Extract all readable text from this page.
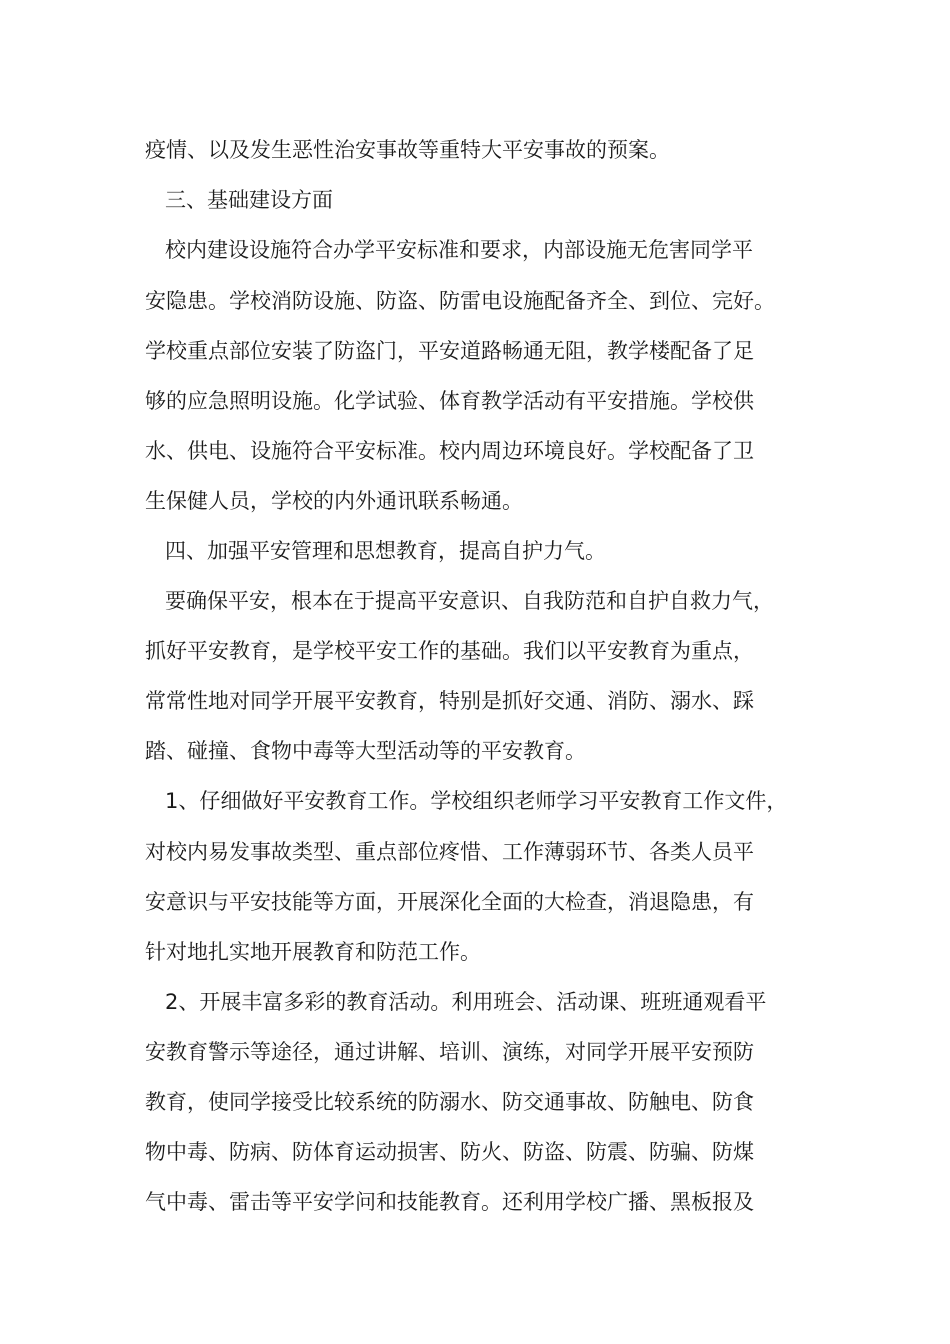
疫情、以及发生恶性治安事故等重特大平安事故的预案。
三、基础建设方面
校内建设设施符合办学平安标准和要求，内部设施无危害同学平
安隐患。学校消防设施、防盗、防雷电设施配备齐全、到位、完好。
学校重点部位安装了防盗门，平安道路畅通无阻，教学楼配备了足
够的应急照明设施。化学试验、体育教学活动有平安措施。学校供
水、供电、设施符合平安标准。校内周边环境良好。学校配备了卫
生保健人员，学校的内外通讯联系畅通。
四、加强平安管理和思想教育，提高自护力气。
要确保平安，根本在于提高平安意识、自我防范和自护自救力气，
抓好平安教育，是学校平安工作的基础。我们以平安教育为重点，
常常性地对同学开展平安教育，特别是抓好交通、消防、溺水、踩
踏、碰撞、食物中毒等大型活动等的平安教育。
1、仔细做好平安教育工作。学校组织老师学习平安教育工作文件，
对校内易发事故类型、重点部位疼惜、工作薄弱环节、各类人员平
安意识与平安技能等方面，开展深化全面的大检查，消退隐患，有
针对地扎实地开展教育和防范工作。
2、开展丰富多彩的教育活动。利用班会、活动课、班班通观看平
安教育警示等途径，通过讲解、培训、演练，对同学开展平安预防
教育，使同学接受比较系统的防溺水、防交通事故、防触电、防食
物中毒、防病、防体育运动损害、防火、防盗、防震、防骗、防煤
气中毒、雷击等平安学问和技能教育。还利用学校广播、黑板报及
